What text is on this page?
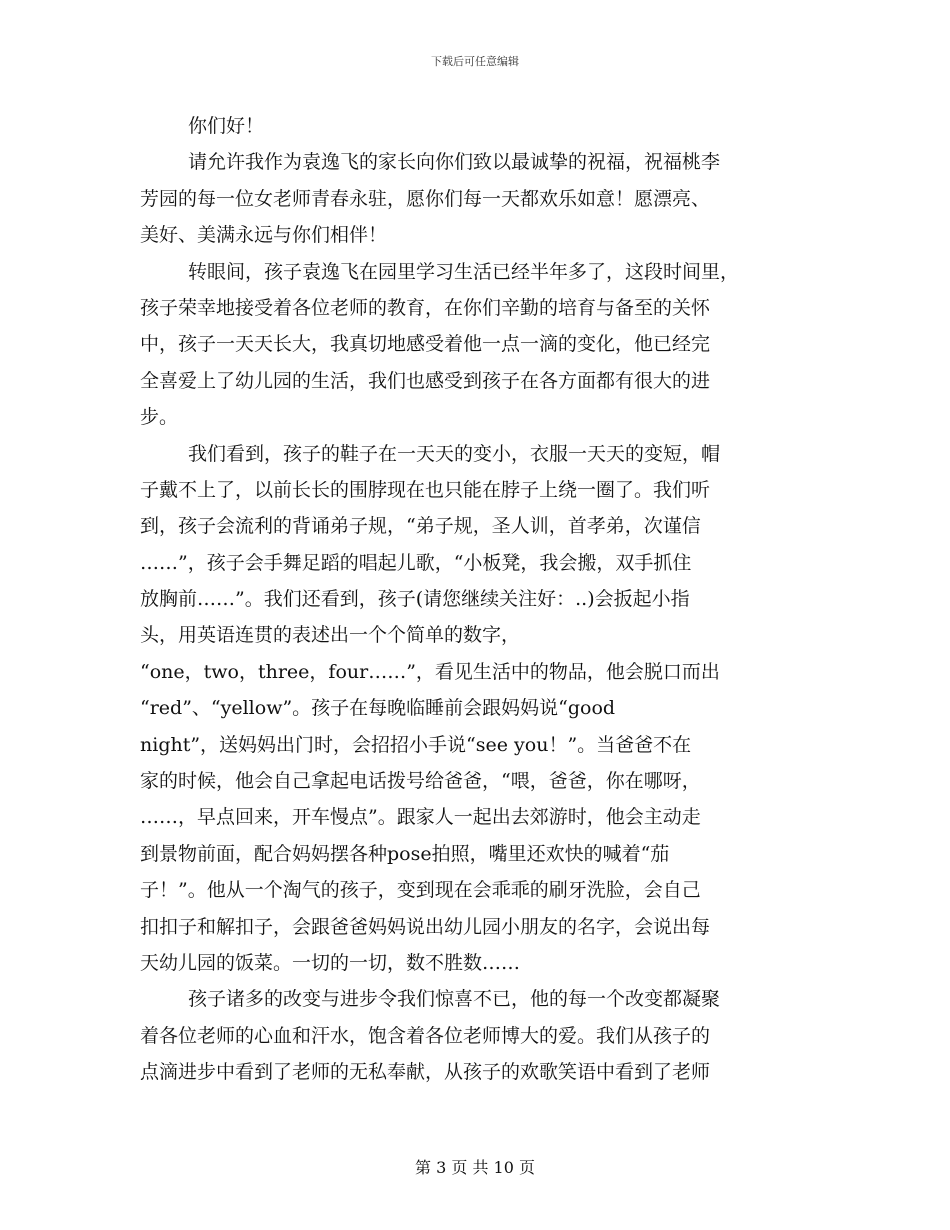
下载后可任意编辑
你们好！
请允许我作为袁逸飞的家长向你们致以最诚挚的祝福，祝福桃李
芳园的每一位女老师青春永驻，愿你们每一天都欢乐如意！愿漂亮、
美好、美满永远与你们相伴！
转眼间，孩子袁逸飞在园里学习生活已经半年多了，这段时间里，
孩子荣幸地接受着各位老师的教育，在你们辛勤的培育与备至的关怀
中，孩子一天天长大，我真切地感受着他一点一滴的变化，他已经完
全喜爱上了幼儿园的生活，我们也感受到孩子在各方面都有很大的进
步。
我们看到，孩子的鞋子在一天天的变小，衣服一天天的变短，帽
子戴不上了，以前长长的围脖现在也只能在脖子上绕一圈了。我们听
到，孩子会流利的背诵弟子规，“弟子规，圣人训，首孝弟，次谨信
……”，孩子会手舞足蹈的唱起儿歌，“小板凳，我会搬，双手抓住
放胸前……”。我们还看到，孩子(请您继续关注好：..)会扳起小指
头，用英语连贯的表述出一个个简单的数字，
“one，two，three，four……”，看见生活中的物品，他会脱口而出
“red”、“yellow”。孩子在每晚临睡前会跟妈妈说“good
night”，送妈妈出门时，会招招小手说“see you！”。当爸爸不在
家的时候，他会自己拿起电话拨号给爸爸，“喂，爸爸，你在哪呀，
……，早点回来，开车慢点”。跟家人一起出去郊游时，他会主动走
到景物前面，配合妈妈摆各种pose拍照，嘴里还欢快的喊着“茄
子！”。他从一个淘气的孩子，变到现在会乖乖的刷牙洗脸，会自己
扣扣子和解扣子，会跟爸爸妈妈说出幼儿园小朋友的名字，会说出每
天幼儿园的饭菜。一切的一切，数不胜数……
孩子诸多的改变与进步令我们惊喜不已，他的每一个改变都凝聚
着各位老师的心血和汗水，饱含着各位老师博大的爱。我们从孩子的
点滴进步中看到了老师的无私奉献，从孩子的欢歌笑语中看到了老师
第 3 页 共 10 页
